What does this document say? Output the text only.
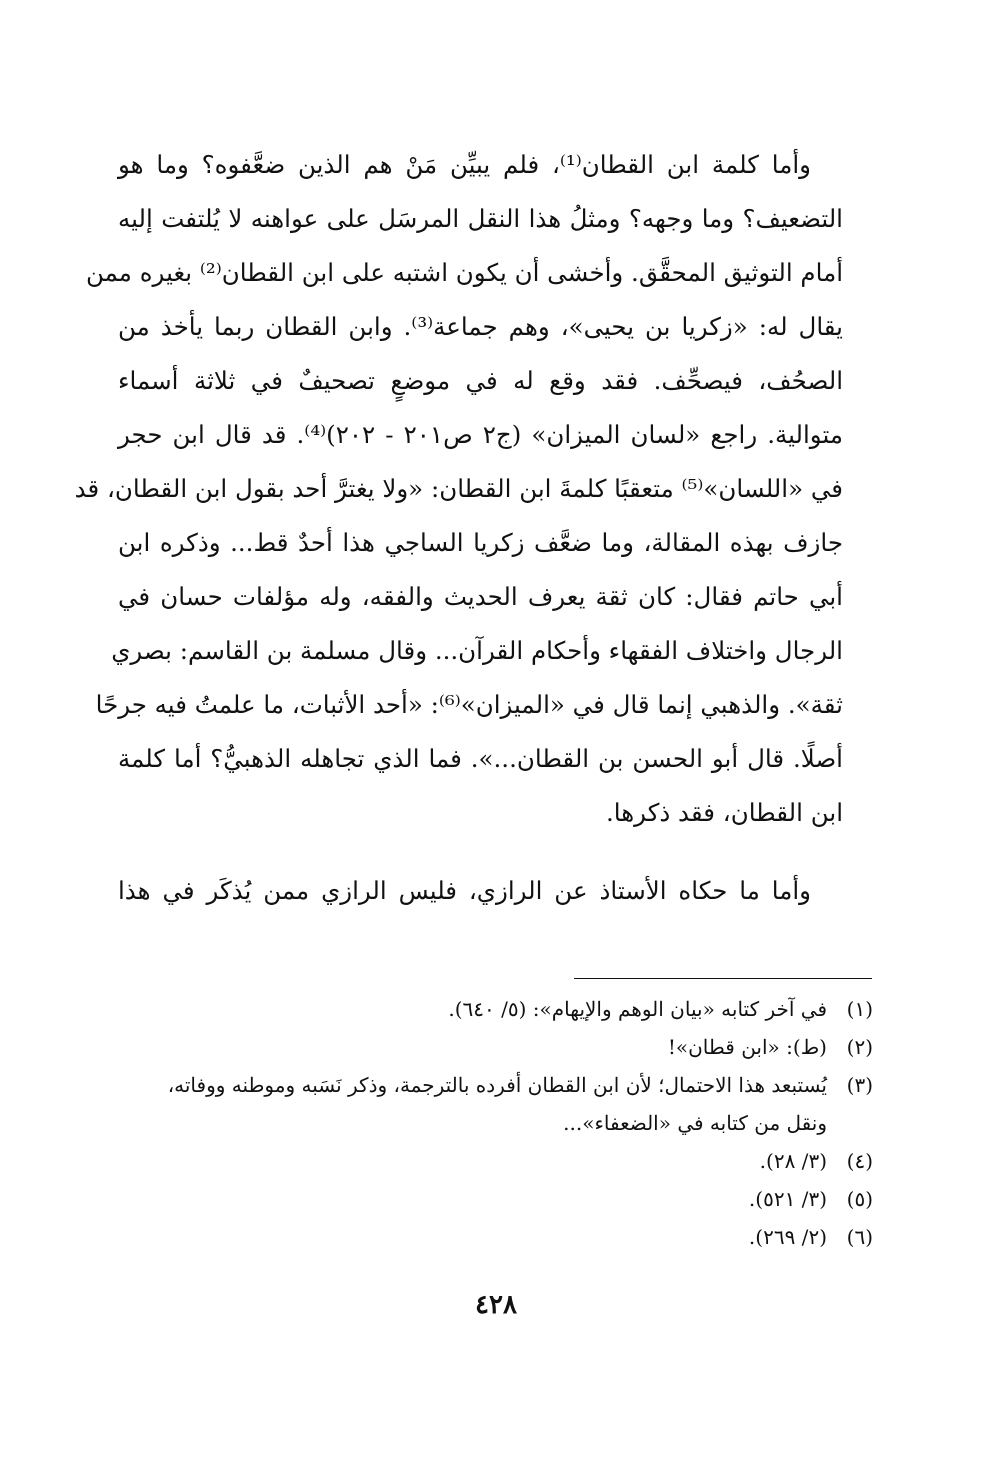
وأما كلمة ابن القطان⁽¹⁾، فلم يبيِّن مَنْ هم الذين ضعَّفوه؟ وما هو
التضعيف؟ وما وجهه؟ ومثلُ هذا النقل المرسَل على عواهنه لا يُلتفت إليه
أمام التوثيق المحقَّق. وأخشى أن يكون اشتبه على ابن القطان⁽²⁾ بغيره ممن
يقال له: «زكريا بن يحيى»، وهم جماعة⁽³⁾. وابن القطان ربما يأخذ من
الصحُف، فيصحِّف. فقد وقع له في موضعٍ تصحيفٌ في ثلاثة أسماء
متوالية. راجع «لسان الميزان» (ج٢ ص٢٠١ - ٢٠٢)⁽⁴⁾. قد قال ابن حجر
في «اللسان»⁽⁵⁾ متعقبًا كلمةَ ابن القطان: «ولا يغترَّ أحد بقول ابن القطان، قد
جازف بهذه المقالة، وما ضعَّف زكريا الساجي هذا أحدٌ قط... وذكره ابن
أبي حاتم فقال: كان ثقة يعرف الحديث والفقه، وله مؤلفات حسان في
الرجال واختلاف الفقهاء وأحكام القرآن... وقال مسلمة بن القاسم: بصري
ثقة». والذهبي إنما قال في «الميزان»⁽⁶⁾: «أحد الأثبات، ما علمتُ فيه جرحًا
أصلًا. قال أبو الحسن بن القطان...». فما الذي تجاهله الذهبيُّ؟ أما كلمة
ابن القطان، فقد ذكرها.
وأما ما حكاه الأستاذ عن الرازي، فليس الرازي ممن يُذكَر في هذا
(١)
في آخر كتابه «بيان الوهم والإيهام»: (٥/ ٦٤٠).
(٢)
(ط): «ابن قطان»!
(٣)
يُستبعد هذا الاحتمال؛ لأن ابن القطان أفرده بالترجمة، وذكر نَسَبه وموطنه ووفاته،
ونقل من كتابه في «الضعفاء»...
(٤)
(٣/ ٢٨).
(٥)
(٣/ ٥٢١).
(٦)
(٢/ ٢٦٩).
٤٢٨
